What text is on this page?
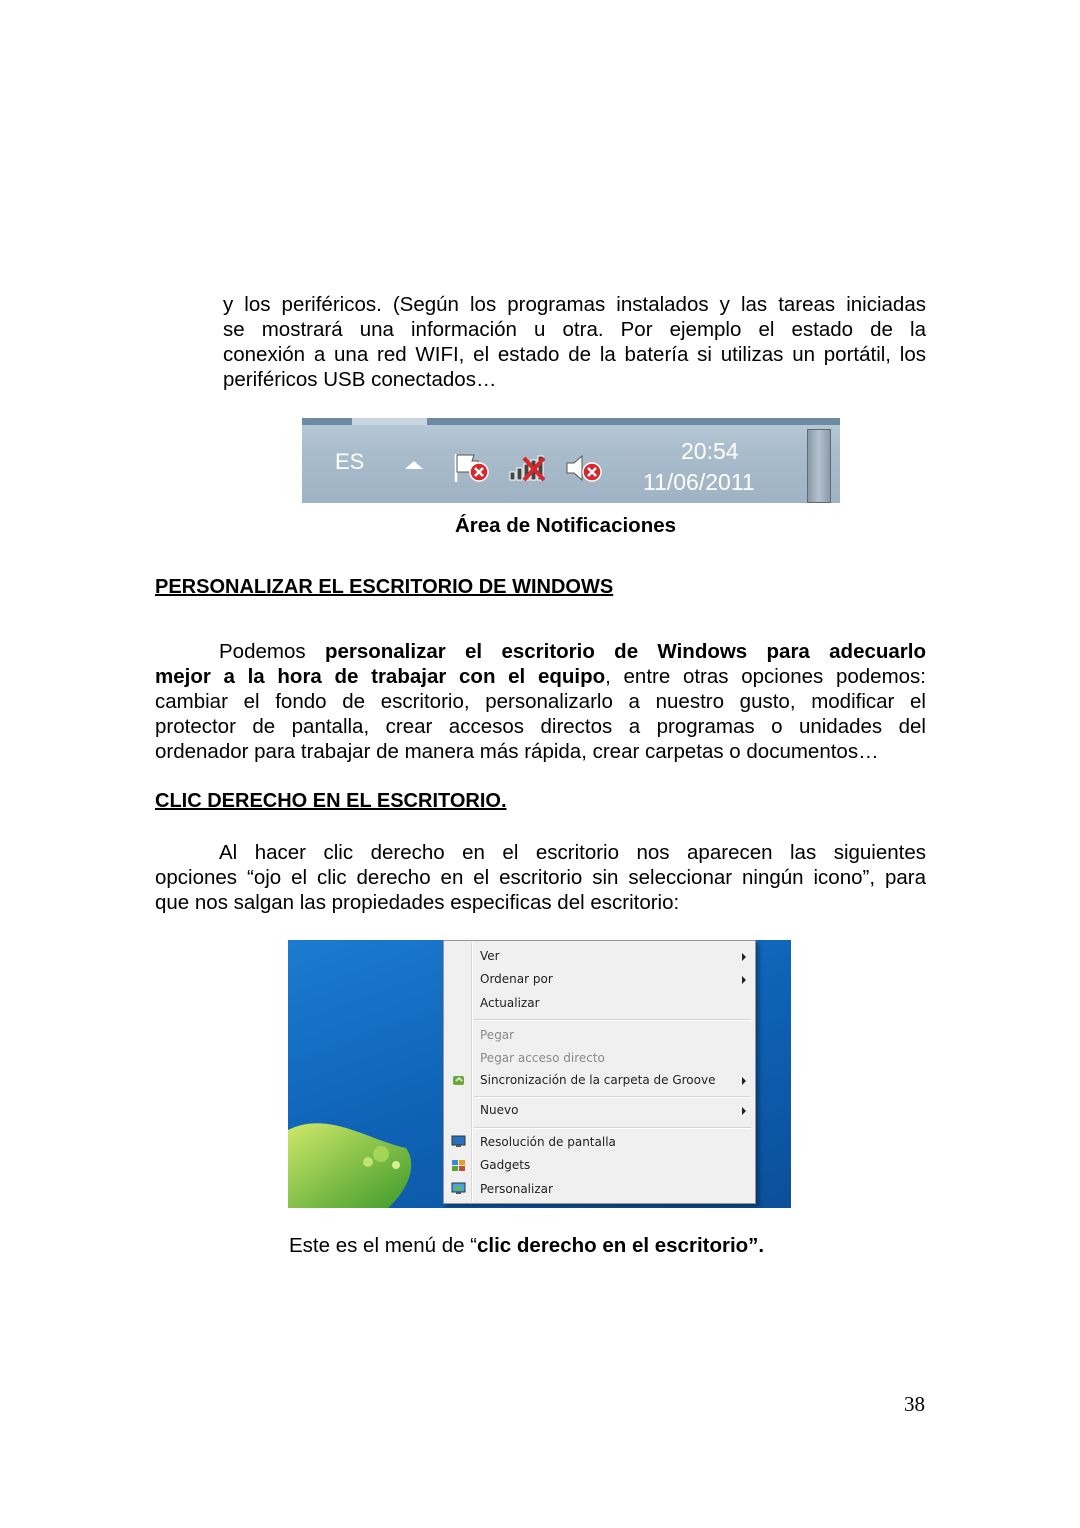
y los periféricos. (Según los programas instalados y las tareas iniciadas
se mostrará una información u otra. Por ejemplo el estado de la
conexión a una red WIFI, el estado de la batería si utilizas un portátil, los
periféricos USB conectados…
ES	20:54
11/06/2011
Área de Notificaciones
PERSONALIZAR EL ESCRITORIO DE WINDOWS
Podemos personalizar el escritorio de Windows para adecuarlo
mejor a la hora de trabajar con el equipo, entre otras opciones podemos:
cambiar el fondo de escritorio, personalizarlo a nuestro gusto, modificar el
protector de pantalla, crear accesos directos a programas o unidades del
ordenador para trabajar de manera más rápida, crear carpetas o documentos…
CLIC DERECHO EN EL ESCRITORIO.
Al hacer clic derecho en el escritorio nos aparecen las siguientes
opciones “ojo el clic derecho en el escritorio sin seleccionar ningún icono”, para
que nos salgan las propiedades especificas del escritorio:
Ver
Ordenar por
Actualizar
Pegar
Pegar acceso directo
Sincronización de la carpeta de Groove
Nuevo
Resolución de pantalla
Gadgets
Personalizar
Este es el menú de “clic derecho en el escritorio”.
38
